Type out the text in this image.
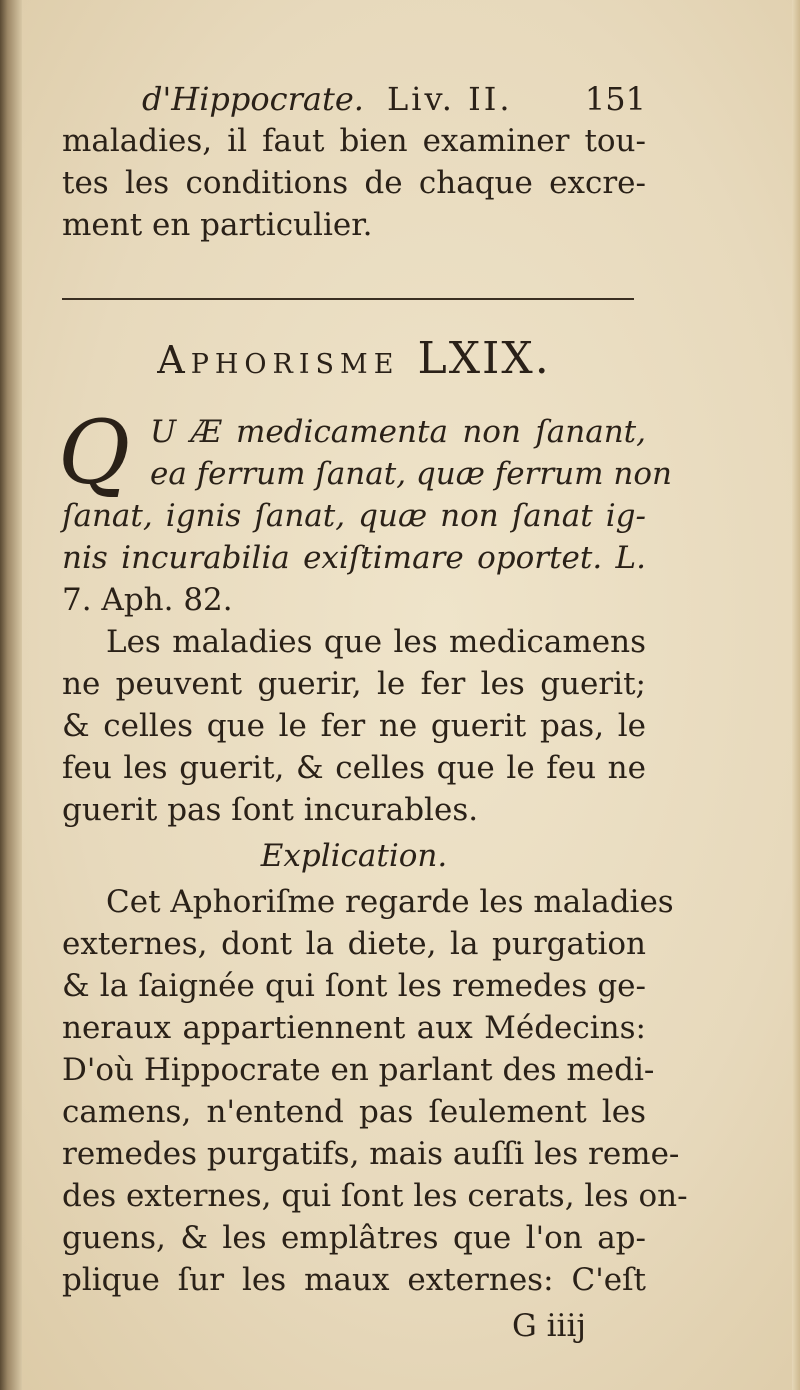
d'Hippocrate. Liv. II. 151
maladies, il faut bien examiner tou-
tes les conditions de chaque excre-
ment en particulier.
Aphorisme LXIX.
Q U Æ medicamenta non ſanant,
ea ferrum ſanat, quæ ferrum non
ſanat, ignis ſanat, quæ non ſanat ig-
nis incurabilia exiſtimare oportet. L.
7. Aph. 82.
Les maladies que les medicamens
ne peuvent guerir, le fer les guerit;
& celles que le fer ne guerit pas, le
feu les guerit, & celles que le feu ne
guerit pas ſont incurables.
Explication.
Cet Aphoriſme regarde les maladies
externes, dont la diete, la purgation
& la ſaignée qui ſont les remedes ge-
neraux appartiennent aux Médecins:
D'où Hippocrate en parlant des medi-
camens, n'entend pas ſeulement les
remedes purgatifs, mais auſſi les reme-
des externes, qui ſont les cerats, les on-
guens, & les emplâtres que l'on ap-
plique ſur les maux externes: C'eſt
G iiij
